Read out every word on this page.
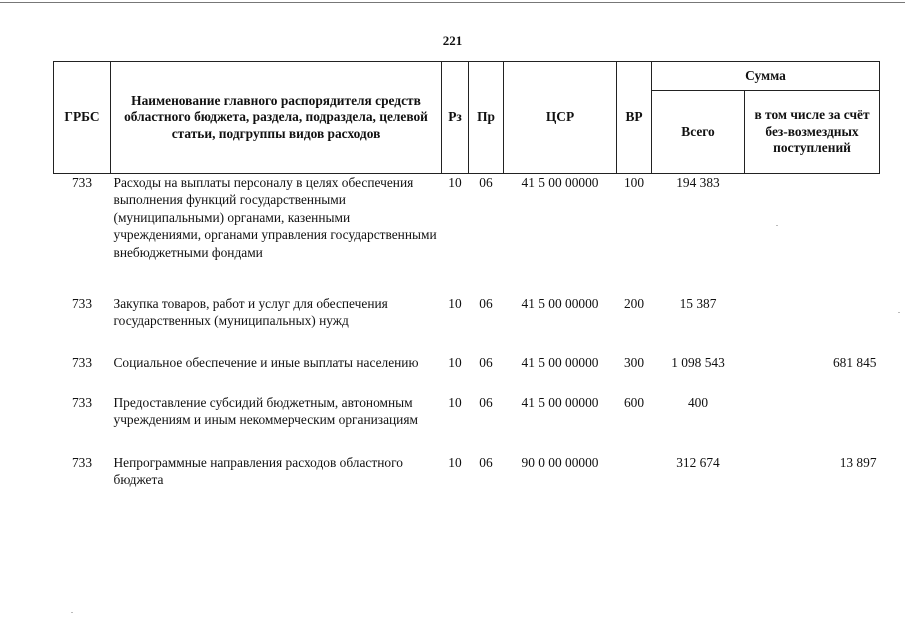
221
ГРБС	Наименование главного распорядителя средств областного бюджета, раздела, подраздела, целевой статьи, подгруппы видов расходов	Рз	Пр	ЦСР	ВР	Сумма	
						Всего	в том числе за счёт без-возмездных поступлений
733	Расходы на выплаты персоналу в целях обеспечения выполнения функций государственными (муниципальными) органами, казенными учреждениями, органами управления государственными внебюджетными фондами	10	06	41 5 00 00000	100	194 383	
733	Закупка товаров, работ и услуг для обеспечения государственных (муниципальных) нужд	10	06	41 5 00 00000	200	15 387	
733	Социальное обеспечение и иные выплаты населению	10	06	41 5 00 00000	300	1 098 543	681 845
733	Предоставление субсидий бюджетным, автономным учреждениям и иным некоммерческим организациям	10	06	41 5 00 00000	600	400	
733	Непрограммные направления расходов областного бюджета	10	06	90 0 00 00000		312 674	13 897
